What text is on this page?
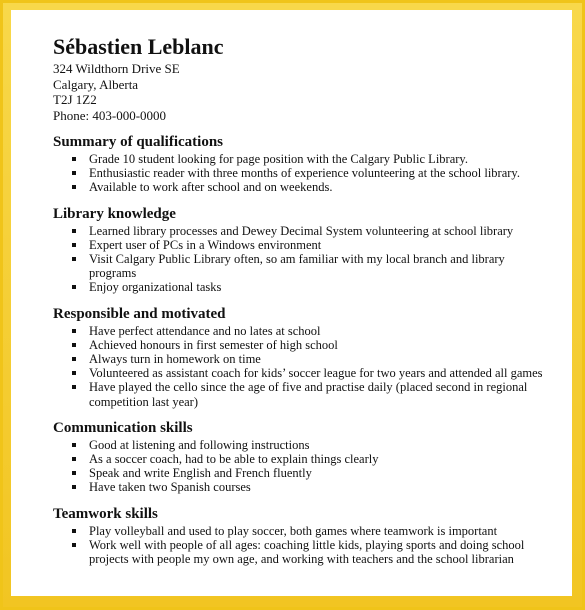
Sébastien Leblanc
324 Wildthorn Drive SE
Calgary, Alberta
T2J 1Z2
Phone: 403-000-0000
Summary of qualifications
Grade 10 student looking for page position with the Calgary Public Library.
Enthusiastic reader with three months of experience volunteering at the school library.
Available to work after school and on weekends.
Library knowledge
Learned library processes and Dewey Decimal System volunteering at school library
Expert user of PCs in a Windows environment
Visit Calgary Public Library often, so am familiar with my local branch and library programs
Enjoy organizational tasks
Responsible and motivated
Have perfect attendance and no lates at school
Achieved honours in first semester of high school
Always turn in homework on time
Volunteered as assistant coach for kids’ soccer league for two years and attended all games
Have played the cello since the age of five and practise daily (placed second in regional competition last year)
Communication skills
Good at listening and following instructions
As a soccer coach, had to be able to explain things clearly
Speak and write English and French fluently
Have taken two Spanish courses
Teamwork skills
Play volleyball and used to play soccer, both games where teamwork is important
Work well with people of all ages: coaching little kids, playing sports and doing school projects with people my own age, and working with teachers and the school librarian
